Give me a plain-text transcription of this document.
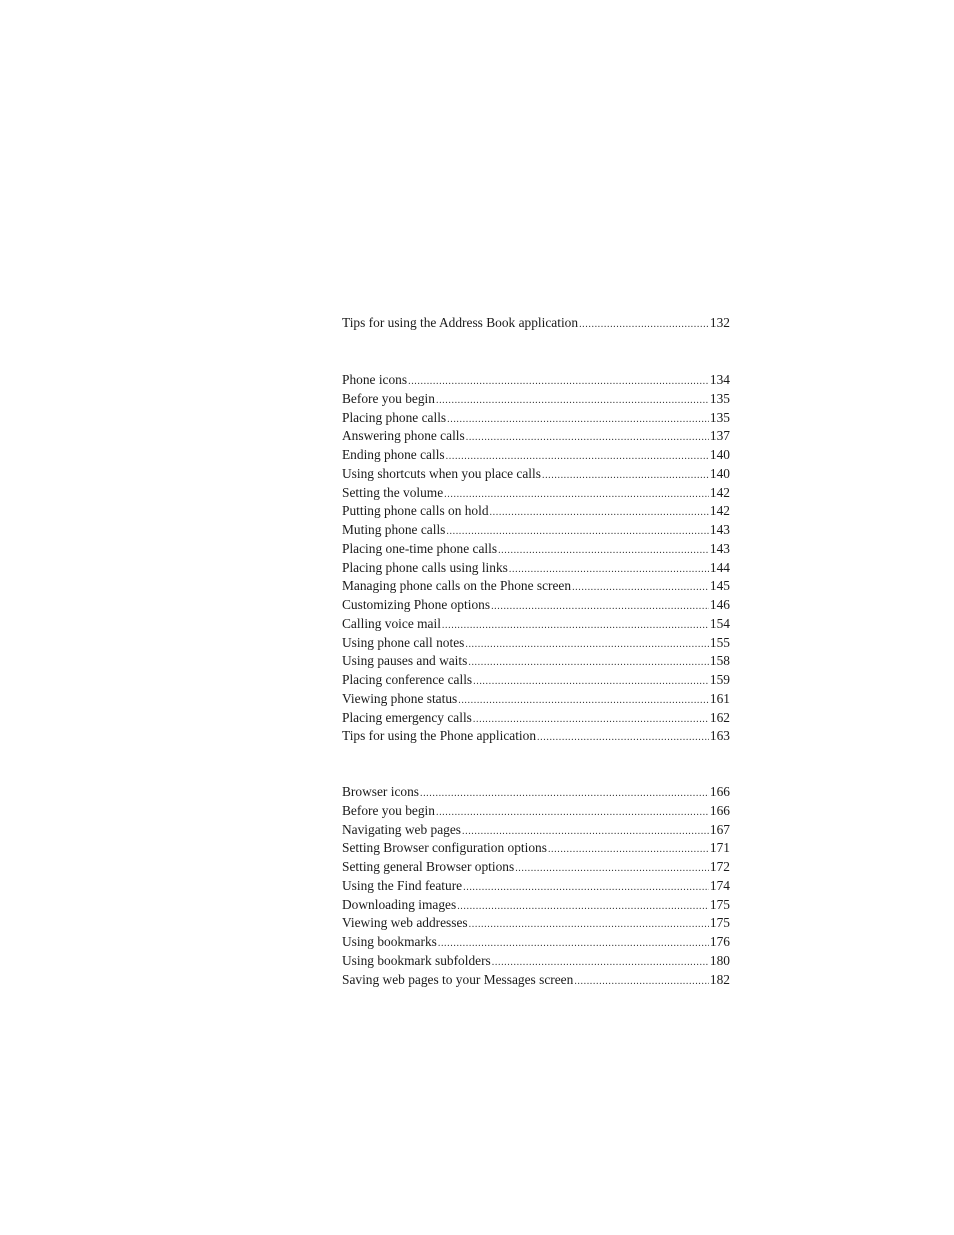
Tips for using the Address Book application .....	132
Phone icons .....	134
Before you begin .....	135
Placing phone calls .....	135
Answering phone calls .....	137
Ending phone calls .....	140
Using shortcuts when you place calls .....	140
Setting the volume .....	142
Putting phone calls on hold .....	142
Muting phone calls .....	143
Placing one-time phone calls .....	143
Placing phone calls using links .....	144
Managing phone calls on the Phone screen .....	145
Customizing Phone options .....	146
Calling voice mail .....	154
Using phone call notes .....	155
Using pauses and waits .....	158
Placing conference calls .....	159
Viewing phone status .....	161
Placing emergency calls .....	162
Tips for using the Phone application .....	163
Browser icons .....	166
Before you begin .....	166
Navigating web pages .....	167
Setting Browser configuration options .....	171
Setting general Browser options .....	172
Using the Find feature .....	174
Downloading images .....	175
Viewing web addresses .....	175
Using bookmarks .....	176
Using bookmark subfolders .....	180
Saving web pages to your Messages screen .....	182
